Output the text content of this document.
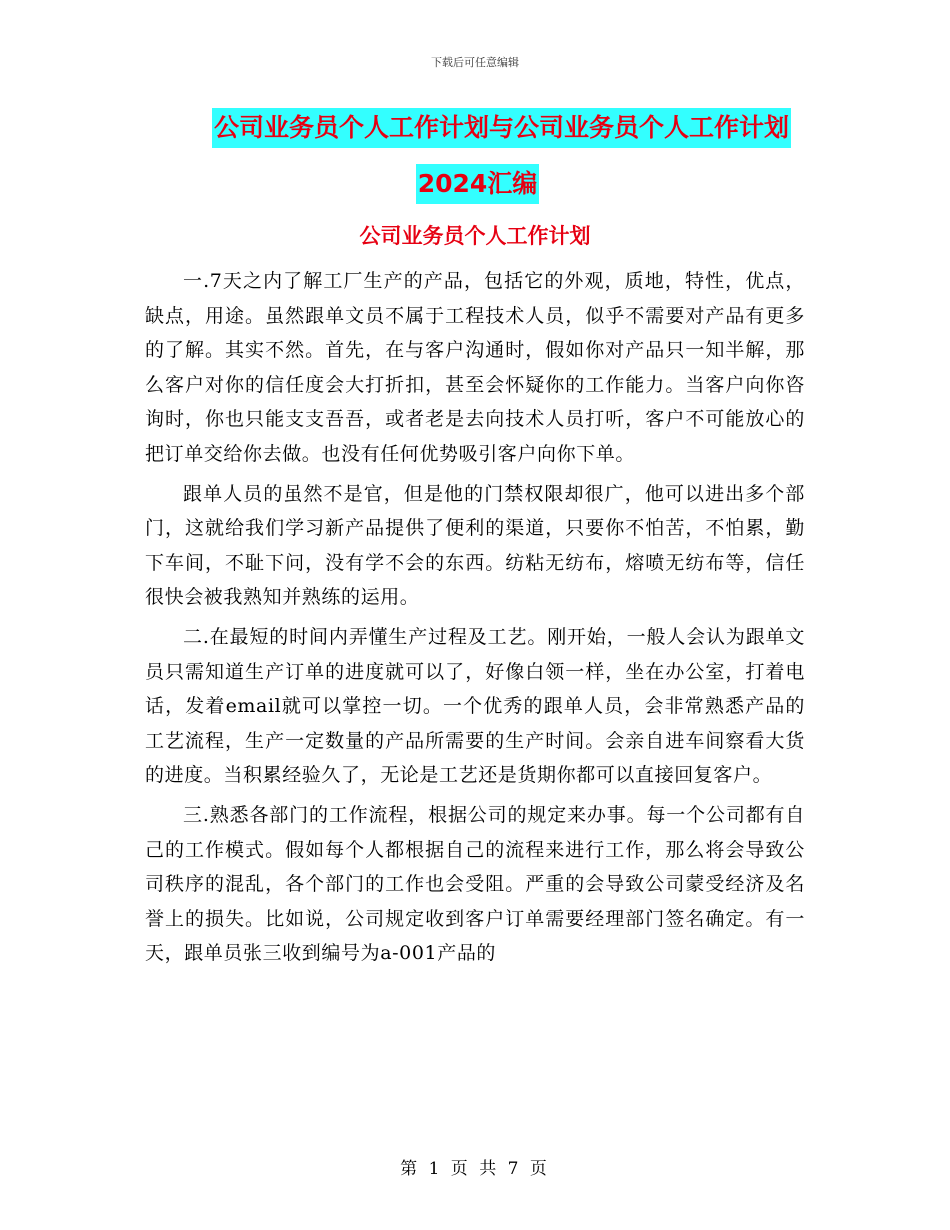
下载后可任意编辑
公司业务员个人工作计划与公司业务员个人工作计划
2024汇编
公司业务员个人工作计划

一.7天之内了解工厂生产的产品，包括它的外观，质地，特性，优点，缺点，用途。虽然跟单文员不属于工程技术人员，似乎不需要对产品有更多的了解。其实不然。首先，在与客户沟通时，假如你对产品只一知半解，那么客户对你的信任度会大打折扣，甚至会怀疑你的工作能力。当客户向你咨询时，你也只能支支吾吾，或者老是去向技术人员打听，客户不可能放心的把订单交给你去做。也没有任何优势吸引客户向你下单。

跟单人员的虽然不是官，但是他的门禁权限却很广，他可以进出多个部门，这就给我们学习新产品提供了便利的渠道，只要你不怕苦，不怕累，勤下车间，不耻下问，没有学不会的东西。纺粘无纺布，熔喷无纺布等，信任很快会被我熟知并熟练的运用。

二.在最短的时间内弄懂生产过程及工艺。刚开始，一般人会认为跟单文员只需知道生产订单的进度就可以了，好像白领一样，坐在办公室，打着电话，发着email就可以掌控一切。一个优秀的跟单人员，会非常熟悉产品的工艺流程，生产一定数量的产品所需要的生产时间。会亲自进车间察看大货的进度。当积累经验久了，无论是工艺还是货期你都可以直接回复客户。

三.熟悉各部门的工作流程，根据公司的规定来办事。每一个公司都有自己的工作模式。假如每个人都根据自己的流程来进行工作，那么将会导致公司秩序的混乱，各个部门的工作也会受阻。严重的会导致公司蒙受经济及名誉上的损失。比如说，公司规定收到客户订单需要经理部门签名确定。有一天，跟单员张三收到编号为a-001产品的

第 1 页 共 7 页
